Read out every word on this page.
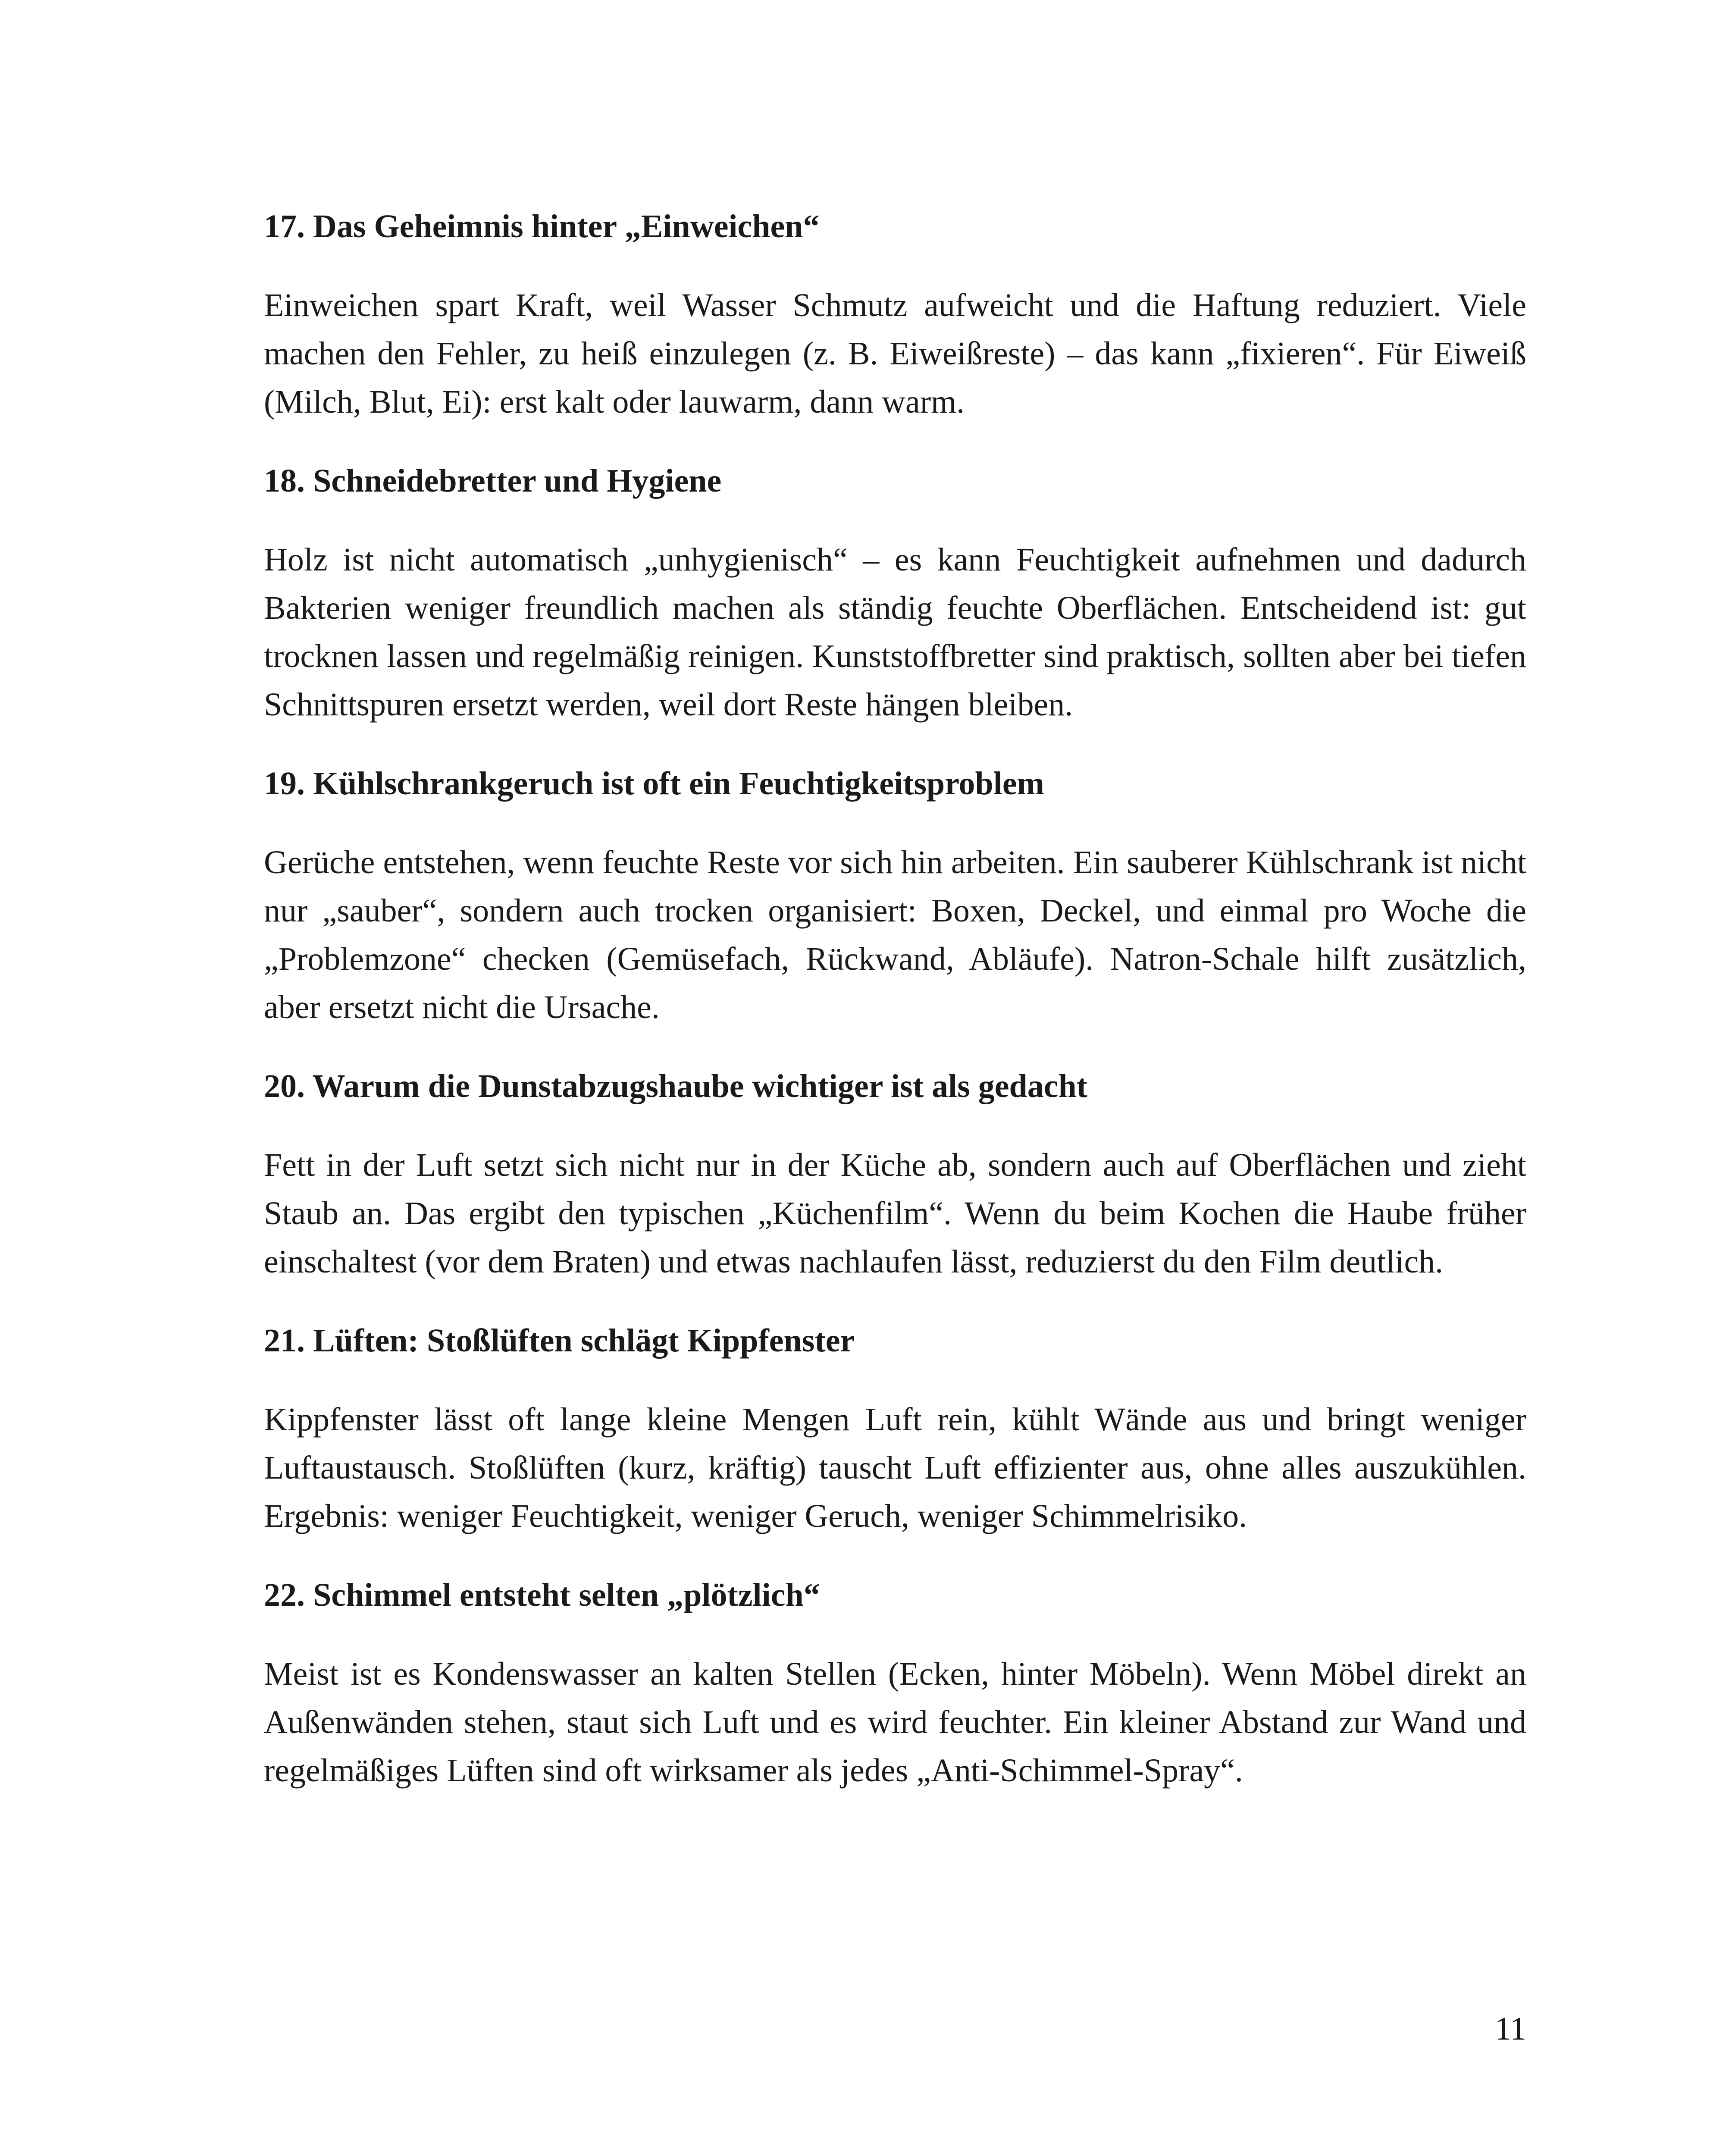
17. Das Geheimnis hinter „Einweichen“
Einweichen spart Kraft, weil Wasser Schmutz aufweicht und die Haftung reduziert. Viele machen den Fehler, zu heiß einzulegen (z. B. Eiweißreste) – das kann „fixieren“. Für Eiweiß (Milch, Blut, Ei): erst kalt oder lauwarm, dann warm.
18. Schneidebretter und Hygiene
Holz ist nicht automatisch „unhygienisch“ – es kann Feuchtigkeit aufnehmen und dadurch Bakterien weniger freundlich machen als ständig feuchte Oberflächen. Entscheidend ist: gut trocknen lassen und regelmäßig reinigen. Kunststoffbretter sind praktisch, sollten aber bei tiefen Schnittspuren ersetzt werden, weil dort Reste hängen bleiben.
19. Kühlschrankgeruch ist oft ein Feuchtigkeitsproblem
Gerüche entstehen, wenn feuchte Reste vor sich hin arbeiten. Ein sauberer Kühlschrank ist nicht nur „sauber“, sondern auch trocken organisiert: Boxen, Deckel, und einmal pro Woche die „Problemzone“ checken (Gemüsefach, Rückwand, Abläufe). Natron-Schale hilft zusätzlich, aber ersetzt nicht die Ursache.
20. Warum die Dunstabzugshaube wichtiger ist als gedacht
Fett in der Luft setzt sich nicht nur in der Küche ab, sondern auch auf Oberflächen und zieht Staub an. Das ergibt den typischen „Küchenfilm“. Wenn du beim Kochen die Haube früher einschaltest (vor dem Braten) und etwas nachlaufen lässt, reduzierst du den Film deutlich.
21. Lüften: Stoßlüften schlägt Kippfenster
Kippfenster lässt oft lange kleine Mengen Luft rein, kühlt Wände aus und bringt weniger Luftaustausch. Stoßlüften (kurz, kräftig) tauscht Luft effizienter aus, ohne alles auszukühlen. Ergebnis: weniger Feuchtigkeit, weniger Geruch, weniger Schimmelrisiko.
22. Schimmel entsteht selten „plötzlich“
Meist ist es Kondenswasser an kalten Stellen (Ecken, hinter Möbeln). Wenn Möbel direkt an Außenwänden stehen, staut sich Luft und es wird feuchter. Ein kleiner Abstand zur Wand und regelmäßiges Lüften sind oft wirksamer als jedes „Anti-Schimmel-Spray“.
11
